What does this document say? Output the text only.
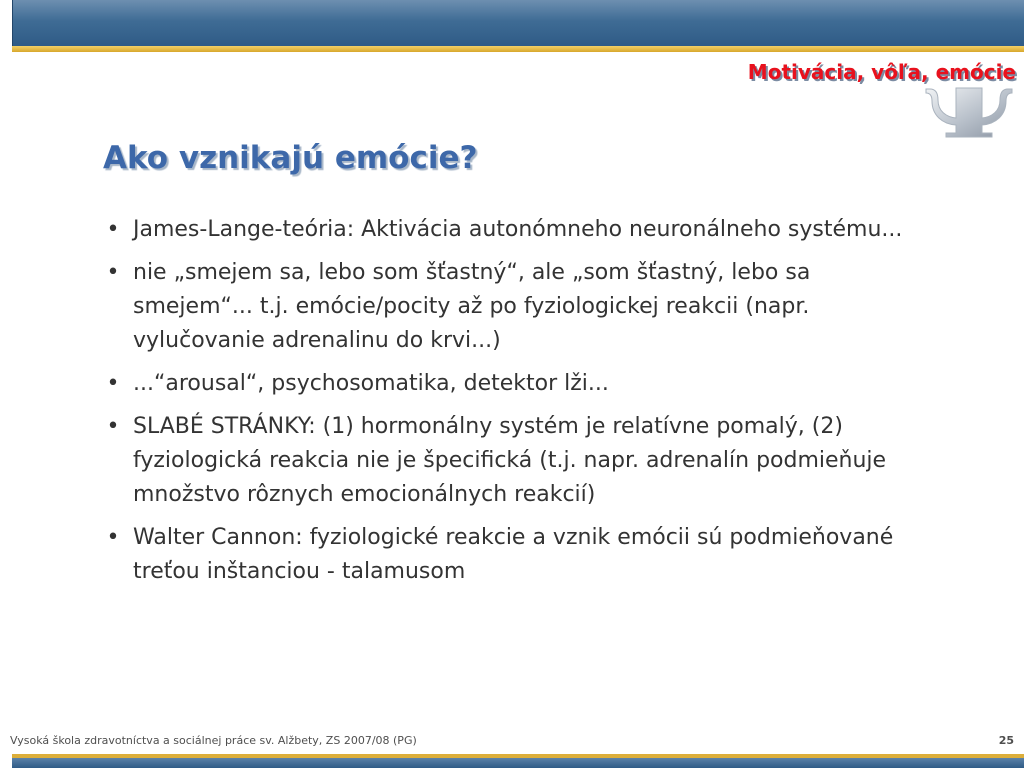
Motivácia, vôľa, emócie
Ako vznikajú emócie?
• James-Lange-teória: Aktivácia autonómneho neuronálneho systému...
• nie „smejem sa, lebo som šťastný“, ale „som šťastný, lebo sa smejem“... t.j. emócie/pocity až po fyziologickej reakcii (napr. vylučovanie adrenalinu do krvi...)
• ...“arousal“, psychosomatika, detektor lži...
• SLABÉ STRÁNKY: (1) hormonálny systém je relatívne pomalý, (2) fyziologická reakcia nie je špecifická (t.j. napr. adrenalín podmieňuje množstvo rôznych emocionálnych reakcií)
• Walter Cannon: fyziologické reakcie a vznik emócii sú podmieňované treťou inštanciou - talamusom
Vysoká škola zdravotníctva a sociálnej práce sv. Alžbety, ZS 2007/08 (PG)	25
